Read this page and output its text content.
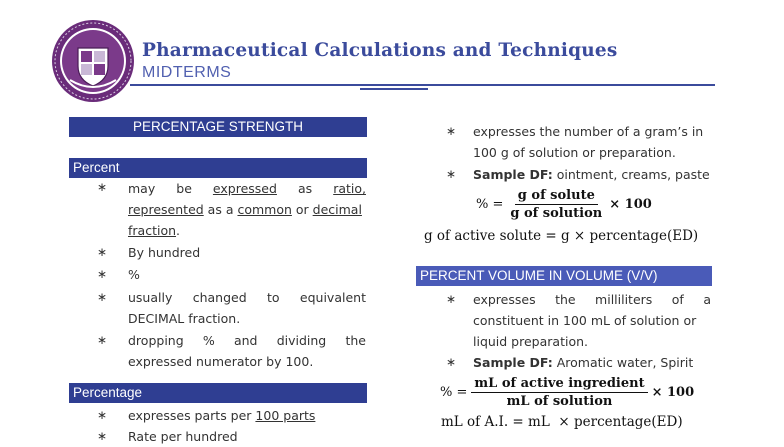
Pharmaceutical Calculations and Techniques
MIDTERMS
PERCENTAGE STRENGTH
Percent
∗ may be expressed as ratio,
represented as a common or decimal
fraction.
∗ By hundred
∗ %
∗ usually changed to equivalent
DECIMAL fraction.
∗ dropping % and dividing the
expressed numerator by 100.
Percentage
∗ expresses parts per 100 parts
∗ Rate per hundred
∗ expresses the number of a gram’s in
100 g of solution or preparation.
∗ Sample DF: ointment, creams, paste
% = $\frac{\text{g of solute}}{\text{g of solution}} \times 100$
g of active solute = g × percentage(ED)
PERCENT VOLUME IN VOLUME (V/V)
∗ expresses the milliliters of a
constituent in 100 mL of solution or
liquid preparation.
∗ Sample DF: Aromatic water, Spirit
% = $\frac{\text{mL of active ingredient}}{\text{mL of solution}} \times 100$
mL of A.I. = mL  × percentage(ED)
